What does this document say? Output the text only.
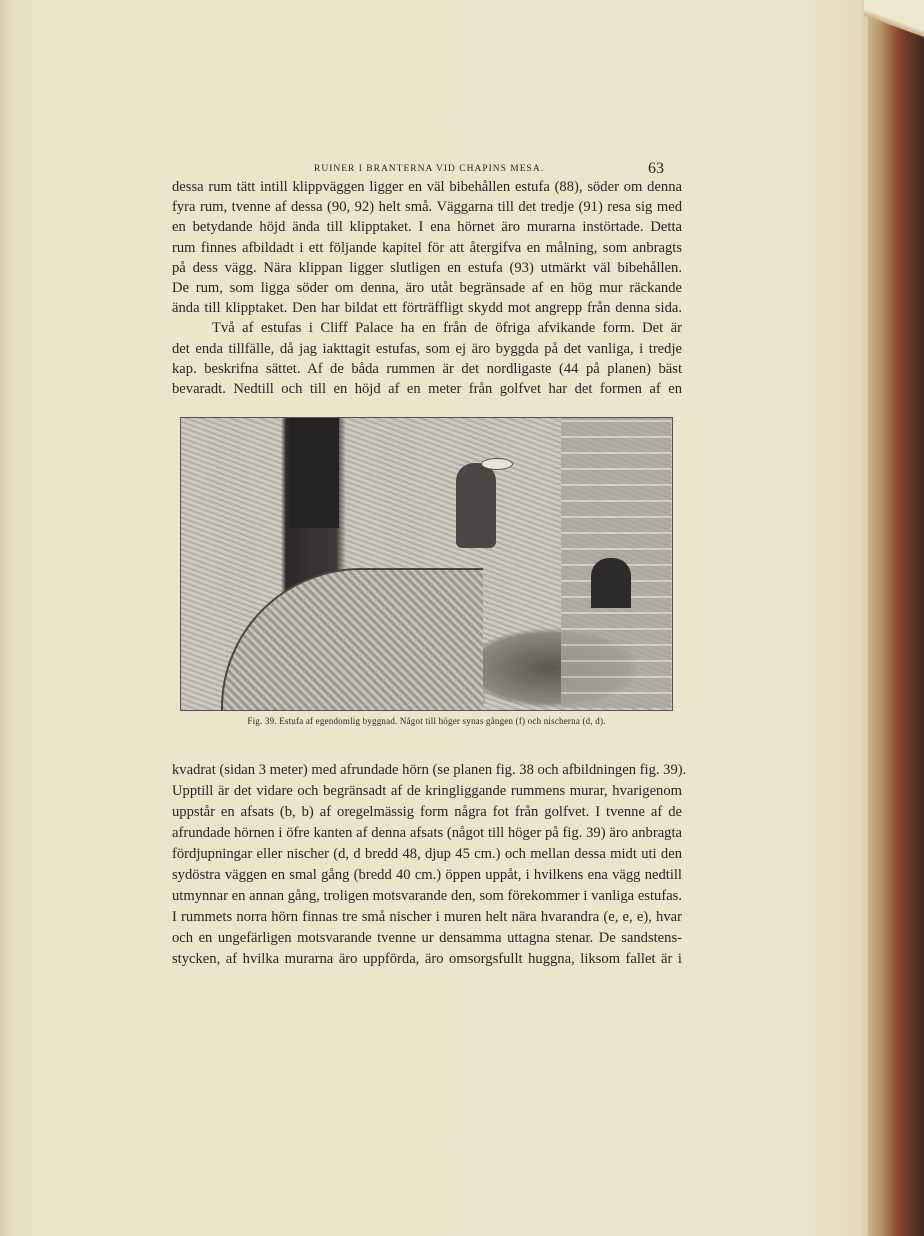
RUINER I BRANTERNA VID CHAPINS MESA.	63
dessa rum tätt intill klippväggen ligger en väl bibehållen estufa (88), söder om denna
fyra rum, tvenne af dessa (90, 92) helt små. Väggarna till det tredje (91) resa sig med
en betydande höjd ända till klipptaket. I ena hörnet äro murarna instörtade. Detta
rum finnes afbildadt i ett följande kapitel för att återgifva en målning, som anbragts
på dess vägg. Nära klippan ligger slutligen en estufa (93) utmärkt väl bibehållen.
De rum, som ligga söder om denna, äro utåt begränsade af en hög mur räckande
ända till klipptaket. Den har bildat ett förträffligt skydd mot angrepp från denna sida.
Två af estufas i Cliff Palace ha en från de öfriga afvikande form. Det är
det enda tillfälle, då jag iakttagit estufas, som ej äro byggda på det vanliga, i tredje
kap. beskrifna sättet. Af de båda rummen är det nordligaste (44 på planen) bäst
bevaradt. Nedtill och till en höjd af en meter från golfvet har det formen af en
Fig. 39. Estufa af egendomlig byggnad. Något till höger synas gången (f) och nischerna (d, d).
kvadrat (sidan 3 meter) med afrundade hörn (se planen fig. 38 och afbildningen fig. 39).
Upptill är det vidare och begränsadt af de kringliggande rummens murar, hvarigenom
uppstår en afsats (b, b) af oregelmässig form några fot från golfvet. I tvenne af de
afrundade hörnen i öfre kanten af denna afsats (något till höger på fig. 39) äro anbragta
fördjupningar eller nischer (d, d bredd 48, djup 45 cm.) och mellan dessa midt uti den
sydöstra väggen en smal gång (bredd 40 cm.) öppen uppåt, i hvilkens ena vägg nedtill
utmynnar en annan gång, troligen motsvarande den, som förekommer i vanliga estufas.
I rummets norra hörn finnas tre små nischer i muren helt nära hvarandra (e, e, e), hvar
och en ungefärligen motsvarande tvenne ur densamma uttagna stenar. De sandstens-
stycken, af hvilka murarna äro uppförda, äro omsorgsfullt huggna, liksom fallet är i
